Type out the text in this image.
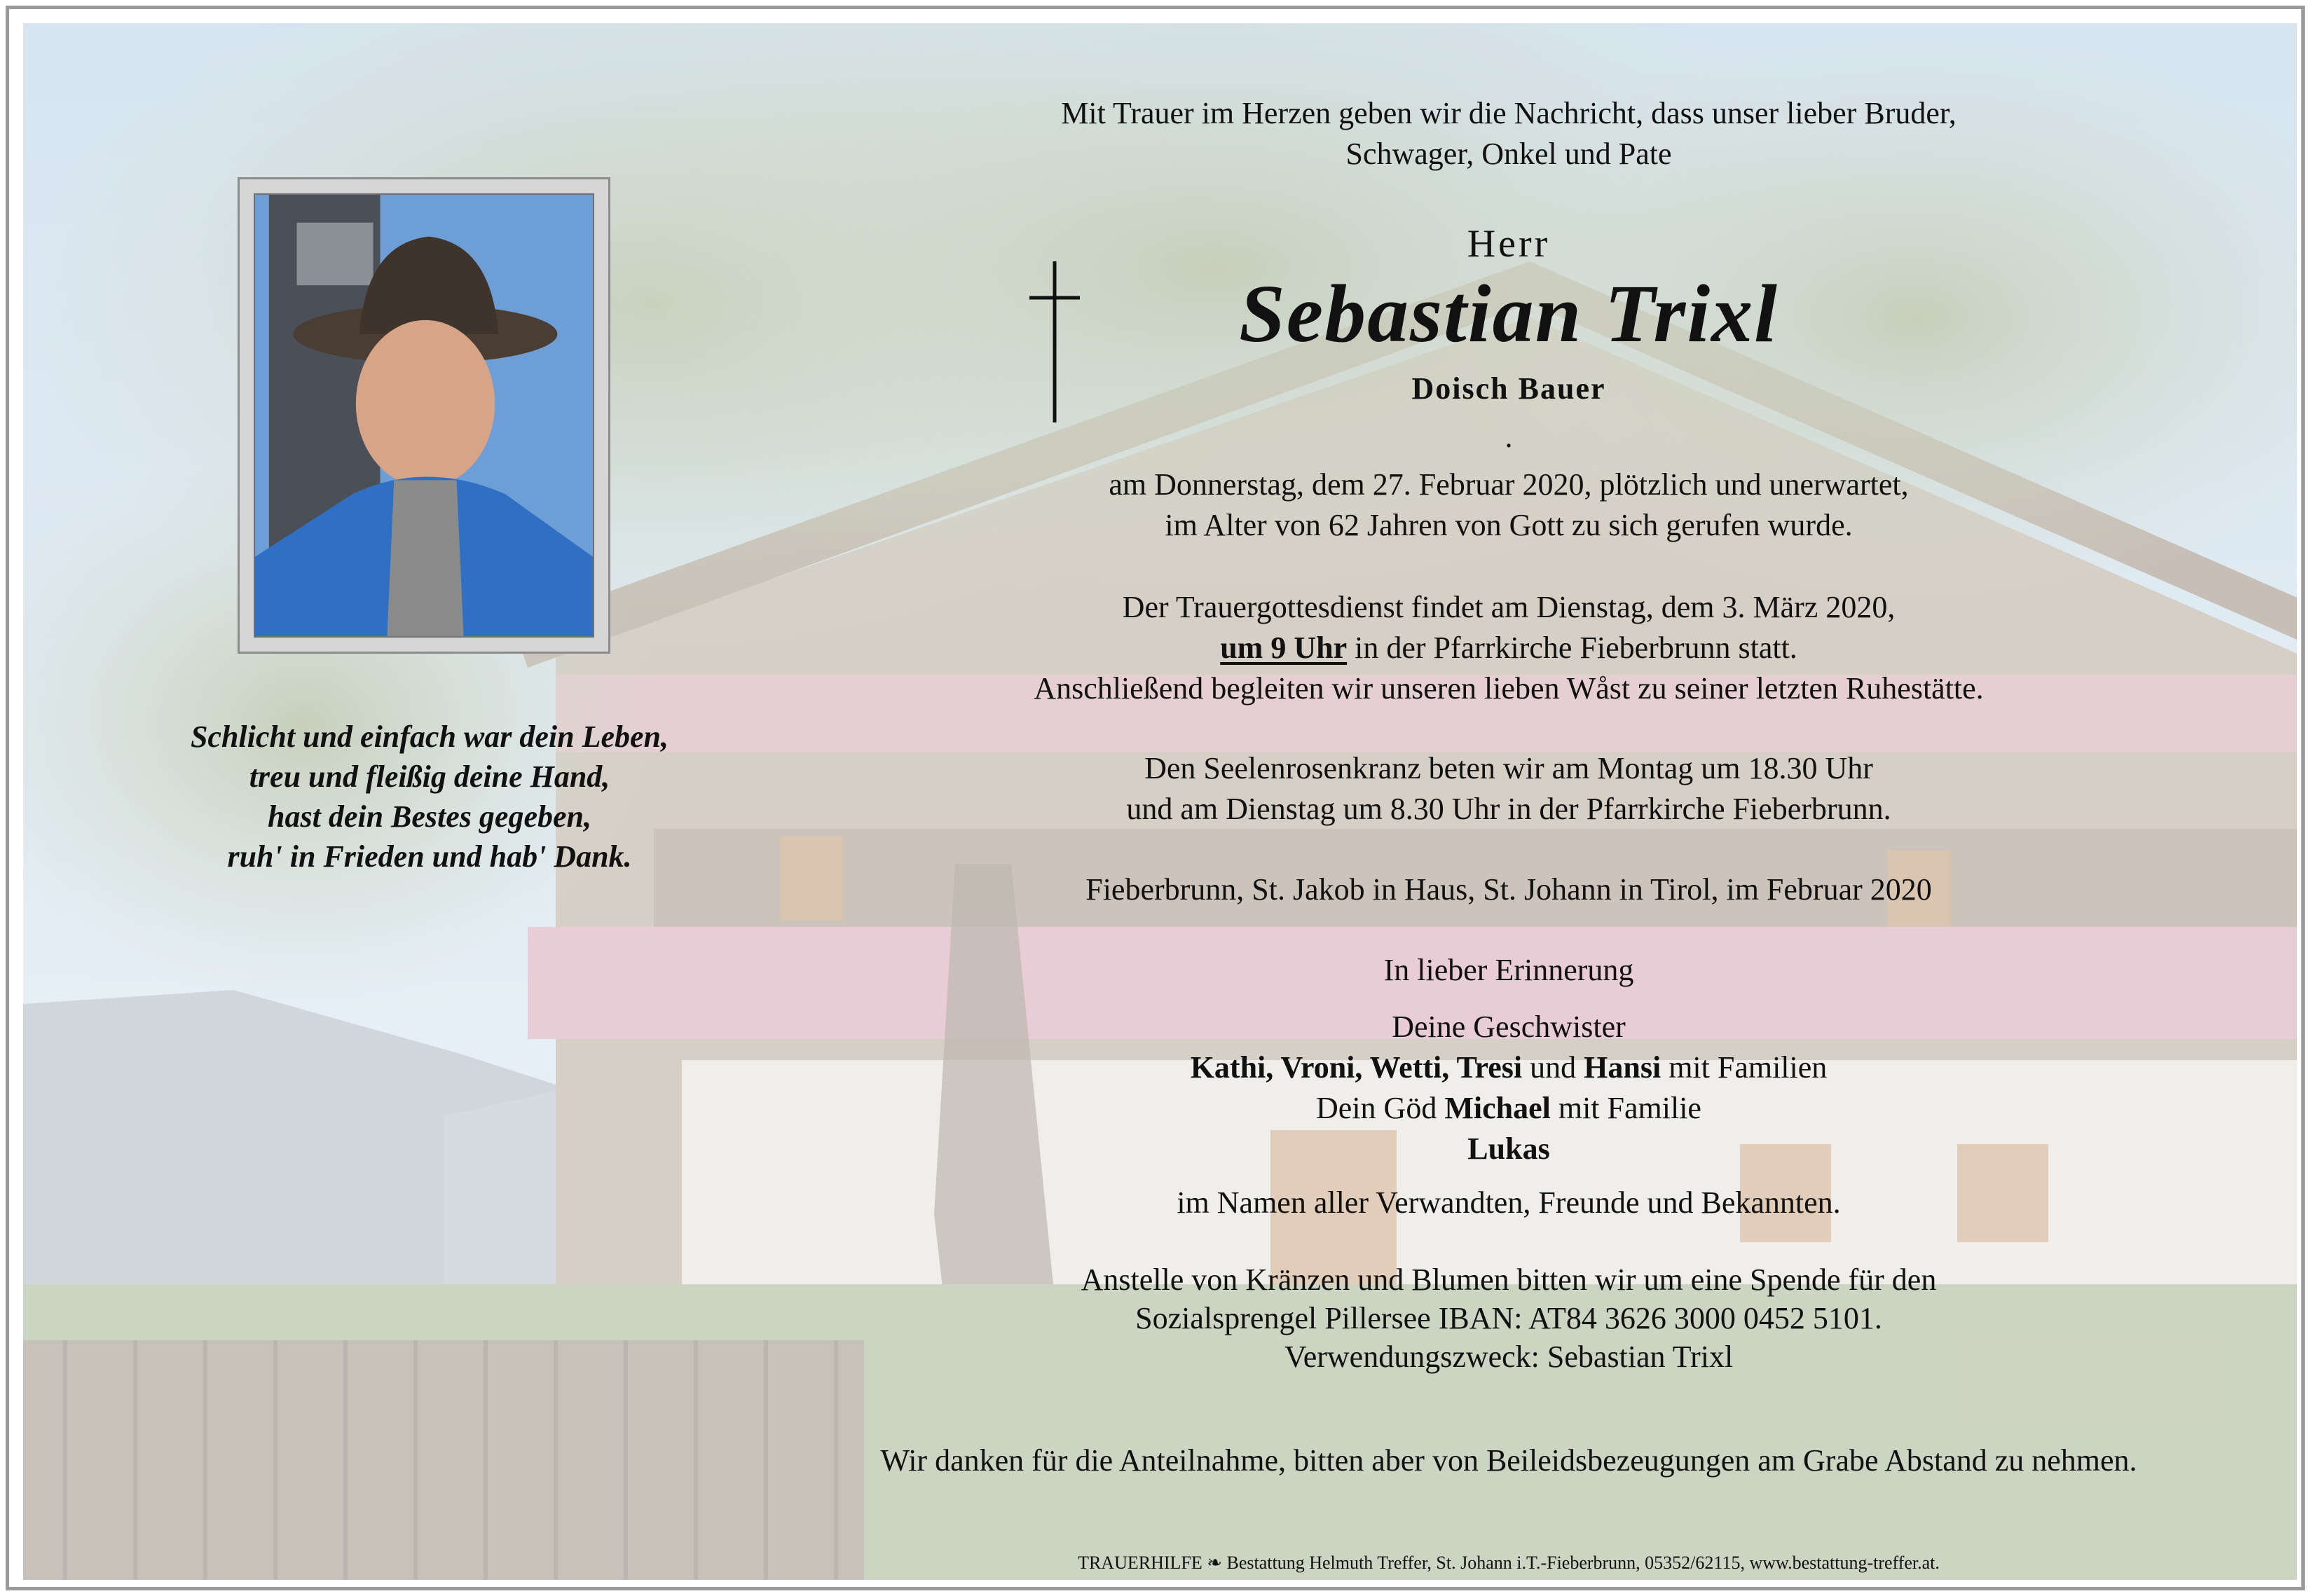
Schlicht und einfach war dein Leben,
treu und fleißig deine Hand,
hast dein Bestes gegeben,
ruh' in Frieden und hab' Dank.
Mit Trauer im Herzen geben wir die Nachricht, dass unser lieber Bruder,
Schwager, Onkel und Pate
Herr
Sebastian Trixl
Doisch Bauer
.
am Donnerstag, dem 27. Februar 2020, plötzlich und unerwartet,
im Alter von 62 Jahren von Gott zu sich gerufen wurde.
Der Trauergottesdienst findet am Dienstag, dem 3. März 2020,
um 9 Uhr in der Pfarrkirche Fieberbrunn statt.
Anschließend begleiten wir unseren lieben Wåst zu seiner letzten Ruhestätte.
Den Seelenrosenkranz beten wir am Montag um 18.30 Uhr
und am Dienstag um 8.30 Uhr in der Pfarrkirche Fieberbrunn.
Fieberbrunn, St. Jakob in Haus, St. Johann in Tirol, im Februar 2020
In lieber Erinnerung
Deine Geschwister
Kathi, Vroni, Wetti, Tresi und Hansi mit Familien
Dein Göd Michael mit Familie
Lukas
im Namen aller Verwandten, Freunde und Bekannten.
Anstelle von Kränzen und Blumen bitten wir um eine Spende für den
Sozialsprengel Pillersee IBAN: AT84 3626 3000 0452 5101.
Verwendungszweck: Sebastian Trixl
Wir danken für die Anteilnahme, bitten aber von Beileidsbezeugungen am Grabe Abstand zu nehmen.
TRAUERHILFE ❧ Bestattung Helmuth Treffer, St. Johann i.T.-Fieberbrunn, 05352/62115, www.bestattung-treffer.at.
